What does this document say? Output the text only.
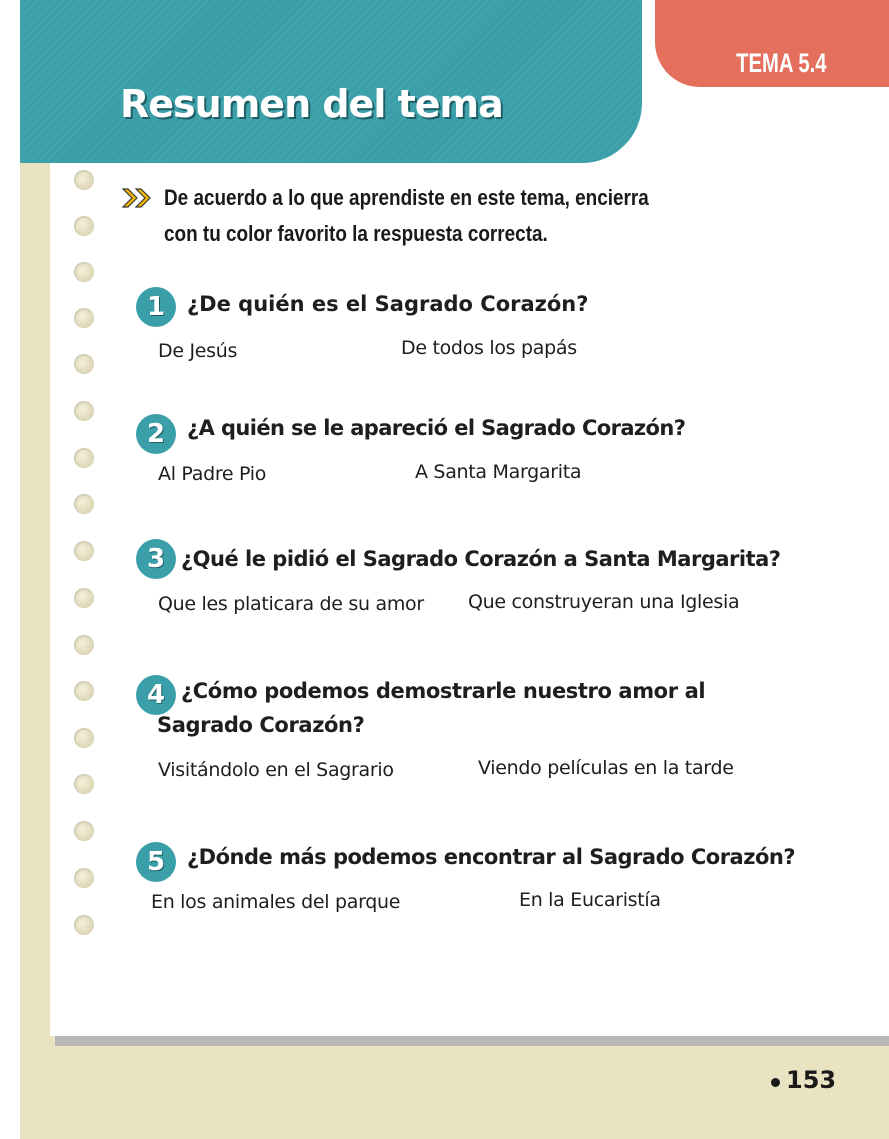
Resumen del tema
TEMA 5.4

De acuerdo a lo que aprendiste en este tema, encierra con tu color favorito la respuesta correcta.

1	¿De quién es el Sagrado Corazón?

De Jesús	De todos los papás
2	¿A quién se le apareció el Sagrado Corazón?

Al Padre Pio	A Santa Margarita
3 ¿Qué le pidió el Sagrado Corazón a Santa Margarita?

Que les platicara de su amor Que construyeran una Iglesia
4 ¿Cómo podemos demostrarle nuestro amor al Sagrado Corazón?

Visitándolo en el Sagrario	Viendo películas en la tarde
5	¿Dónde más podemos encontrar al Sagrado Corazón?

En los animales del parque	En la Eucaristía
153
